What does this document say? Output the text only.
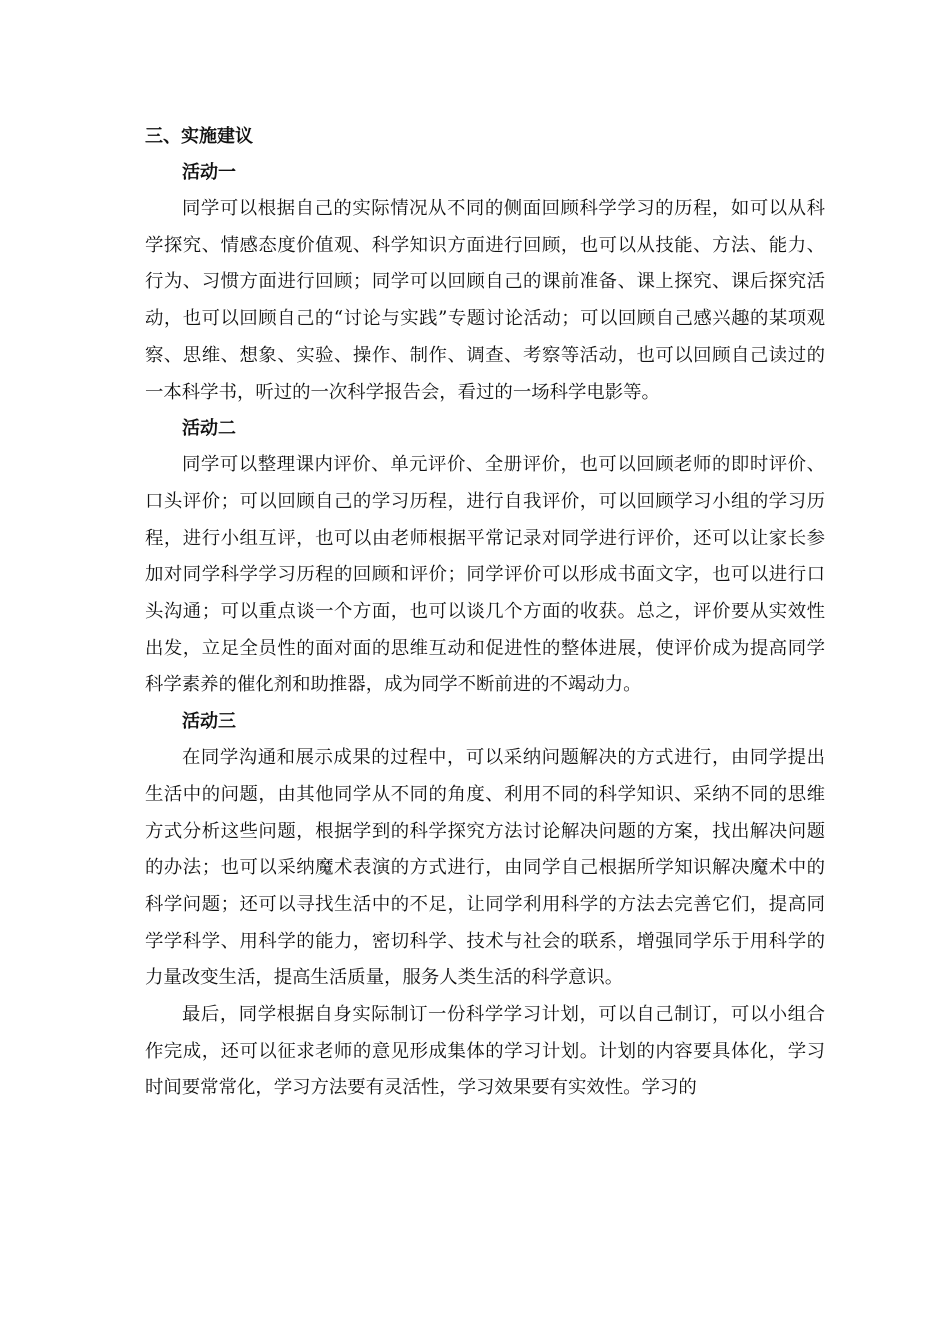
三、实施建议
活动一

同学可以根据自己的实际情况从不同的侧面回顾科学学习的历程，如可以从科学探究、情感态度价值观、科学知识方面进行回顾，也可以从技能、方法、能力、行为、习惯方面进行回顾；同学可以回顾自己的课前准备、课上探究、课后探究活动，也可以回顾自己的“讨论与实践”专题讨论活动；可以回顾自己感兴趣的某项观察、思维、想象、实验、操作、制作、调查、考察等活动，也可以回顾自己读过的一本科学书，听过的一次科学报告会，看过的一场科学电影等。

活动二

同学可以整理课内评价、单元评价、全册评价，也可以回顾老师的即时评价、口头评价；可以回顾自己的学习历程，进行自我评价，可以回顾学习小组的学习历程，进行小组互评，也可以由老师根据平常记录对同学进行评价，还可以让家长参加对同学科学学习历程的回顾和评价；同学评价可以形成书面文字，也可以进行口头沟通；可以重点谈一个方面，也可以谈几个方面的收获。总之，评价要从实效性出发，立足全员性的面对面的思维互动和促进性的整体进展，使评价成为提高同学科学素养的催化剂和助推器，成为同学不断前进的不竭动力。

活动三

在同学沟通和展示成果的过程中，可以采纳问题解决的方式进行，由同学提出生活中的问题，由其他同学从不同的角度、利用不同的科学知识、采纳不同的思维方式分析这些问题，根据学到的科学探究方法讨论解决问题的方案，找出解决问题的办法；也可以采纳魔术表演的方式进行，由同学自己根据所学知识解决魔术中的科学问题；还可以寻找生活中的不足，让同学利用科学的方法去完善它们，提高同学学科学、用科学的能力，密切科学、技术与社会的联系，增强同学乐于用科学的力量改变生活，提高生活质量，服务人类生活的科学意识。

最后，同学根据自身实际制订一份科学学习计划，可以自己制订，可以小组合作完成，还可以征求老师的意见形成集体的学习计划。计划的内容要具体化，学习时间要常常化，学习方法要有灵活性，学习效果要有实效性。学习的
